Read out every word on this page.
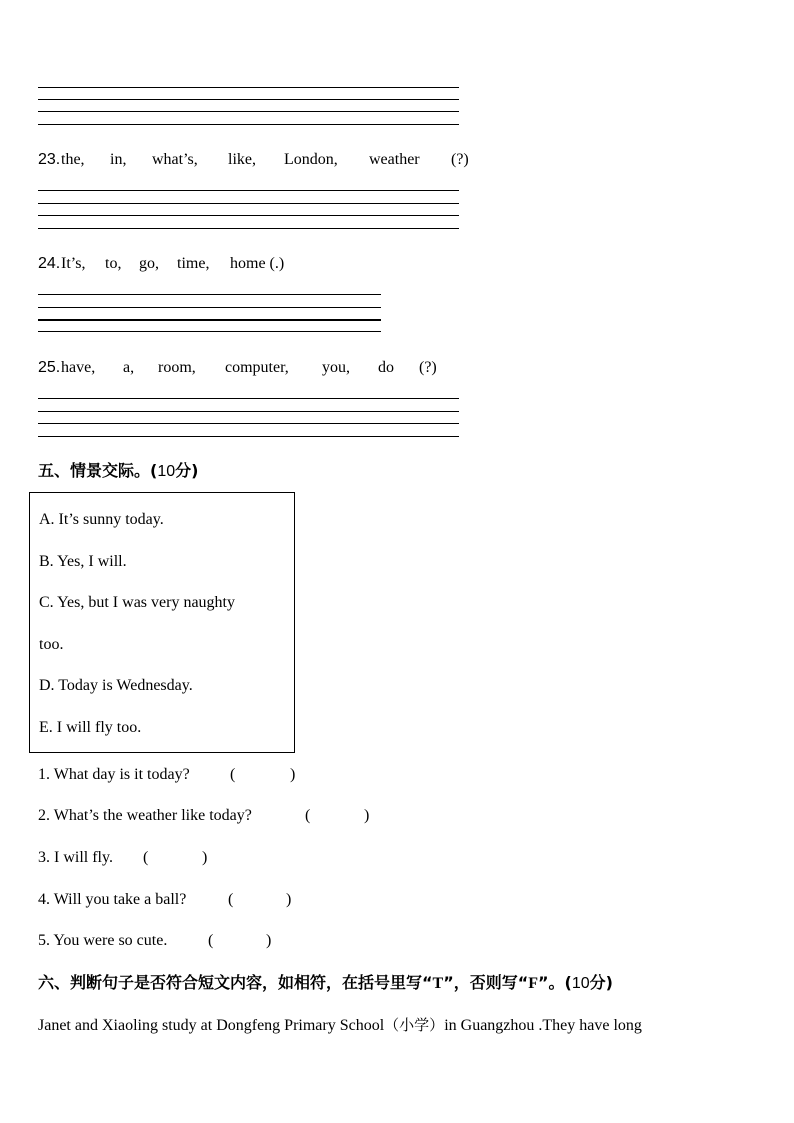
23.

the,

in,

what’s,

like,

London,

weather

(?)

24.

It’s,

to,

go,

time,

home (.)

25.

have,

a,

room,

computer,

you,

do

(?)

五、情景交际。(10分)
A. It’s sunny today.
B. Yes, I will.
C. Yes, but I was very naughty
too.
D. Today is Wednesday.
E. I will fly too.
1. What day is it today?	(	)
2. What’s the weather like today?	(	)
3. I will fly. (	)
4. Will you take a ball?	(	)
5. You were so cute.	(	)
六、判断句子是否符合短文内容，如相符，在括号里写“T”，否则写“F”。(10分)
Janet and Xiaoling study at Dongfeng Primary School（小学）in Guangzhou .They have long
